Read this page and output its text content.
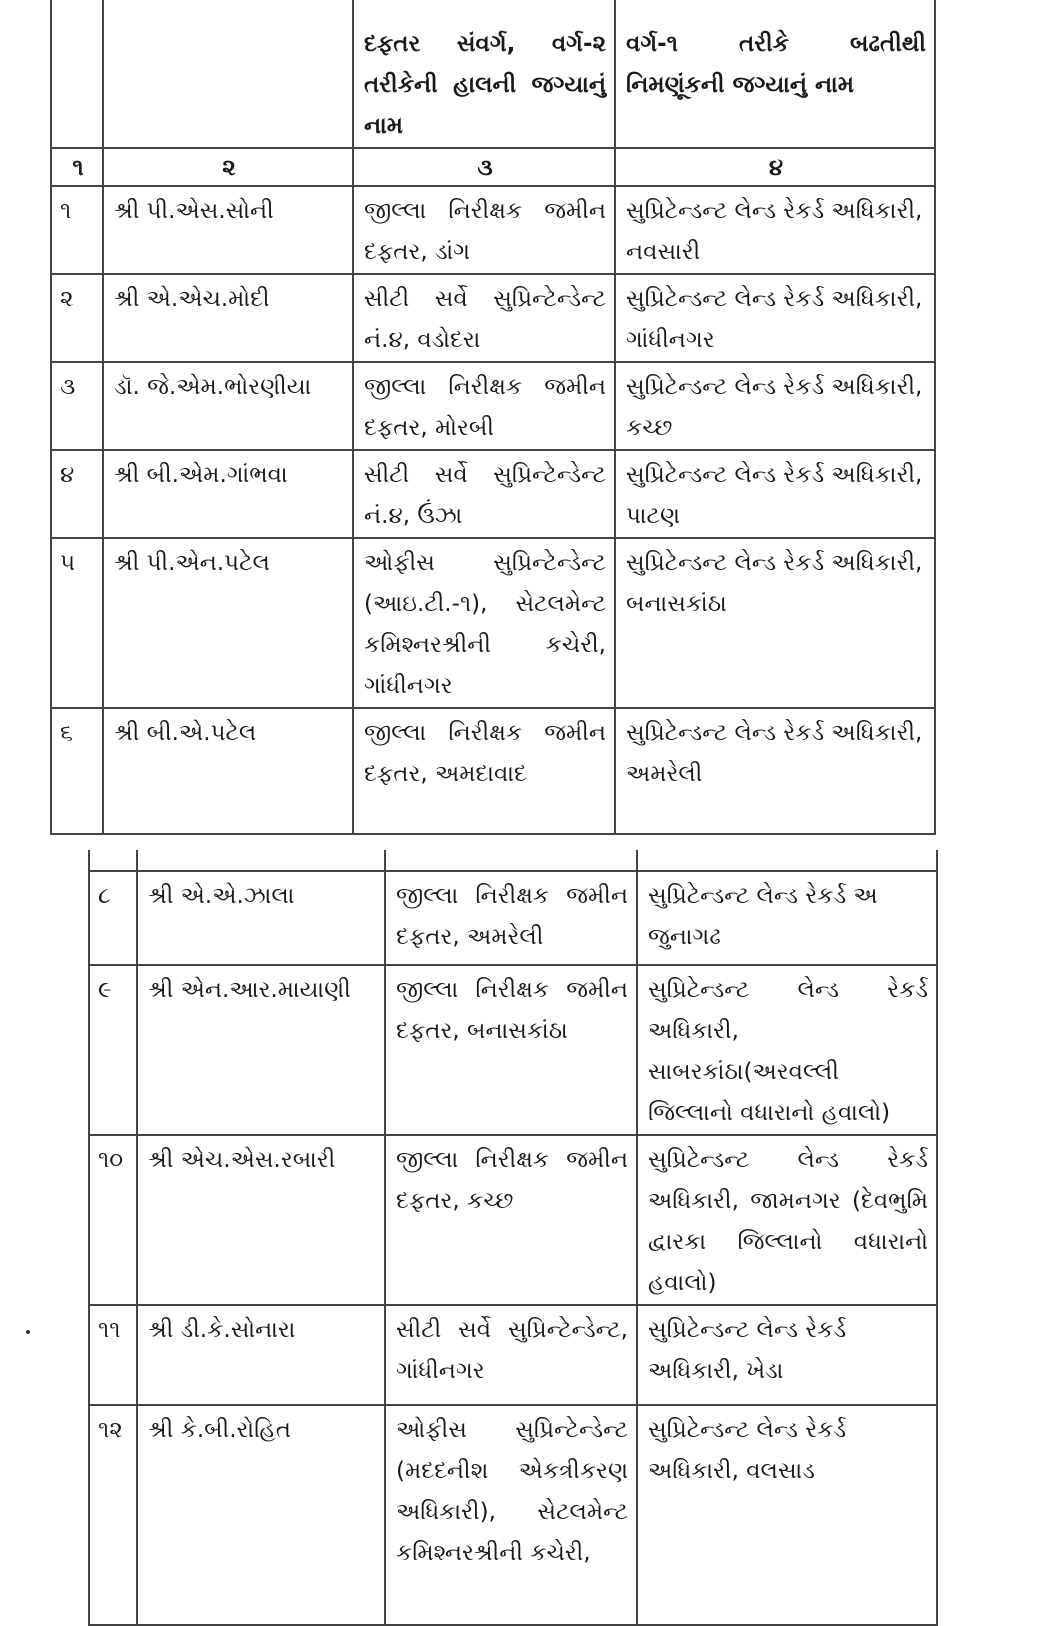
		દફતર સંવર્ગ, વર્ગ-૨ તરીકેની હાલની જગ્યાનું નામ	વર્ગ-૧ તરીકે બઢતીથી નિમણૂંકની જગ્યાનું નામ
૧	૨	૩	૪
૧	શ્રી પી.એસ.સોની	જીલ્લા નિરીક્ષક જમીન દફતર, ડાંગ	સુપ્રિટેન્ડન્ટ લેન્ડ રેકર્ડ અધિકારી, નવસારી
૨	શ્રી એ.એચ.મોદી	સીટી સર્વે સુપ્રિન્ટેન્ડેન્ટ નં.૪, વડોદરા	સુપ્રિટેન્ડન્ટ લેન્ડ રેકર્ડ અધિકારી, ગાંધીનગર
૩	ડૉ. જે.એમ.ભોરણીયા	જીલ્લા નિરીક્ષક જમીન દફતર, મોરબી	સુપ્રિટેન્ડન્ટ લેન્ડ રેકર્ડ અધિકારી, કચ્છ
૪	શ્રી બી.એમ.ગાંભવા	સીટી સર્વે સુપ્રિન્ટેન્ડેન્ટ નં.૪, ઉંઝા	સુપ્રિટેન્ડન્ટ લેન્ડ રેકર્ડ અધિકારી, પાટણ
૫	શ્રી પી.એન.પટેલ	ઓફીસ સુપ્રિન્ટેન્ડેન્ટ (આઇ.ટી.-૧), સેટલમેન્ટ કમિશ્નરશ્રીની કચેરી, ગાંધીનગર	સુપ્રિટેન્ડન્ટ લેન્ડ રેકર્ડ અધિકારી, બનાસકાંઠા
૬	શ્રી બી.એ.પટેલ	જીલ્લા નિરીક્ષક જમીન દફતર, અમદાવાદ	સુપ્રિટેન્ડન્ટ લેન્ડ રેકર્ડ અધિકારી, અમરેલી

૮	શ્રી એ.એ.ઝાલા	જીલ્લા નિરીક્ષક જમીન દફતર, અમરેલી	સુપ્રિટેન્ડન્ટ લેન્ડ રેકર્ડ અ જુનાગઢ
૯	શ્રી એન.આર.માયાણી	જીલ્લા નિરીક્ષક જમીન દફતર, બનાસકાંઠા	સુપ્રિટેન્ડન્ટ લેન્ડ રેકર્ડ અધિકારી, સાબરકાંઠા(અરવલ્લી જિલ્લાનો વધારાનો હવાલો)
૧૦	શ્રી એચ.એસ.રબારી	જીલ્લા નિરીક્ષક જમીન દફતર, કચ્છ	સુપ્રિટેન્ડન્ટ લેન્ડ રેકર્ડ અધિકારી, જામનગર (દેવભુમિ દ્વારકા જિલ્લાનો વધારાનો હવાલો)
૧૧	શ્રી ડી.કે.સોનારા	સીટી સર્વે સુપ્રિન્ટેન્ડેન્ટ, ગાંધીનગર	સુપ્રિટેન્ડન્ટ લેન્ડ રેકર્ડ અધિકારી, ખેડા
૧૨	શ્રી કે.બી.રોહિત	ઓફીસ સુપ્રિન્ટેન્ડેન્ટ (મદદનીશ એકત્રીકરણ અધિકારી), સેટલમેન્ટ કમિશ્નરશ્રીની કચેરી,	સુપ્રિટેન્ડન્ટ લેન્ડ રેકર્ડ અધિકારી, વલસાડ
